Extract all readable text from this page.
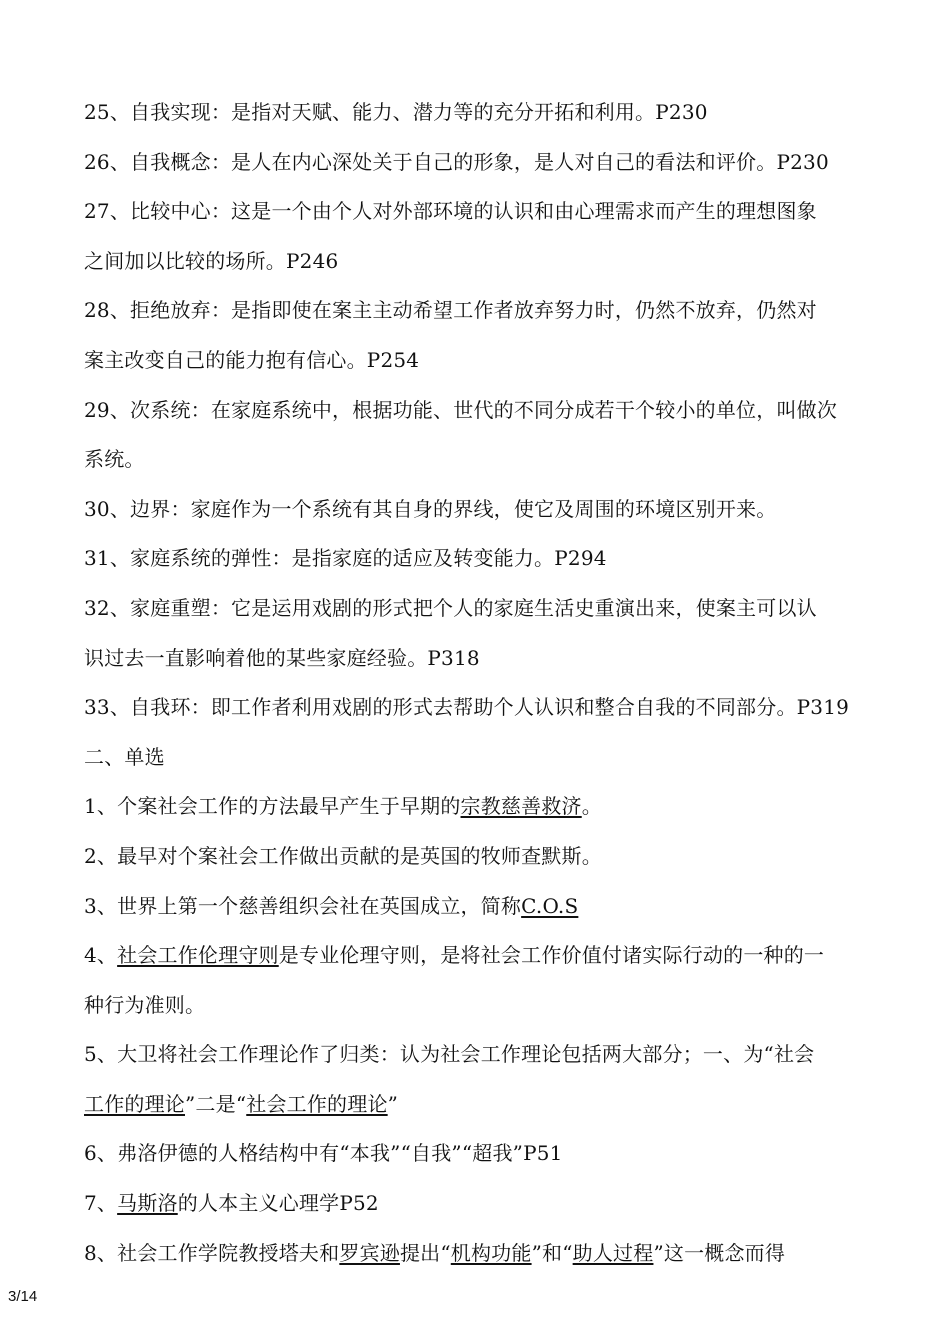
25、自我实现：是指对天赋、能力、潜力等的充分开拓和利用。P230
26、自我概念：是人在内心深处关于自己的形象，是人对自己的看法和评价。P230
27、比较中心：这是一个由个人对外部环境的认识和由心理需求而产生的理想图象
之间加以比较的场所。P246
28、拒绝放弃：是指即使在案主主动希望工作者放弃努力时，仍然不放弃，仍然对
案主改变自己的能力抱有信心。P254
29、次系统：在家庭系统中，根据功能、世代的不同分成若干个较小的单位，叫做次
系统。
30、边界：家庭作为一个系统有其自身的界线，使它及周围的环境区别开来。
31、家庭系统的弹性：是指家庭的适应及转变能力。P294
32、家庭重塑：它是运用戏剧的形式把个人的家庭生活史重演出来，使案主可以认
识过去一直影响着他的某些家庭经验。P318
33、自我环：即工作者利用戏剧的形式去帮助个人认识和整合自我的不同部分。P319
二、单选
1、个案社会工作的方法最早产生于早期的宗教慈善救济。
2、最早对个案社会工作做出贡献的是英国的牧师查默斯。
3、世界上第一个慈善组织会社在英国成立，简称C.O.S
4、社会工作伦理守则是专业伦理守则，是将社会工作价值付诸实际行动的一种的一
种行为准则。
5、大卫将社会工作理论作了归类：认为社会工作理论包括两大部分；一、为“社会
工作的理论”二是“社会工作的理论”
6、弗洛伊德的人格结构中有“本我”“自我”“超我”P51
7、马斯洛的人本主义心理学P52
8、社会工作学院教授塔夫和罗宾逊提出“机构功能”和“助人过程”这一概念而得
3/14
